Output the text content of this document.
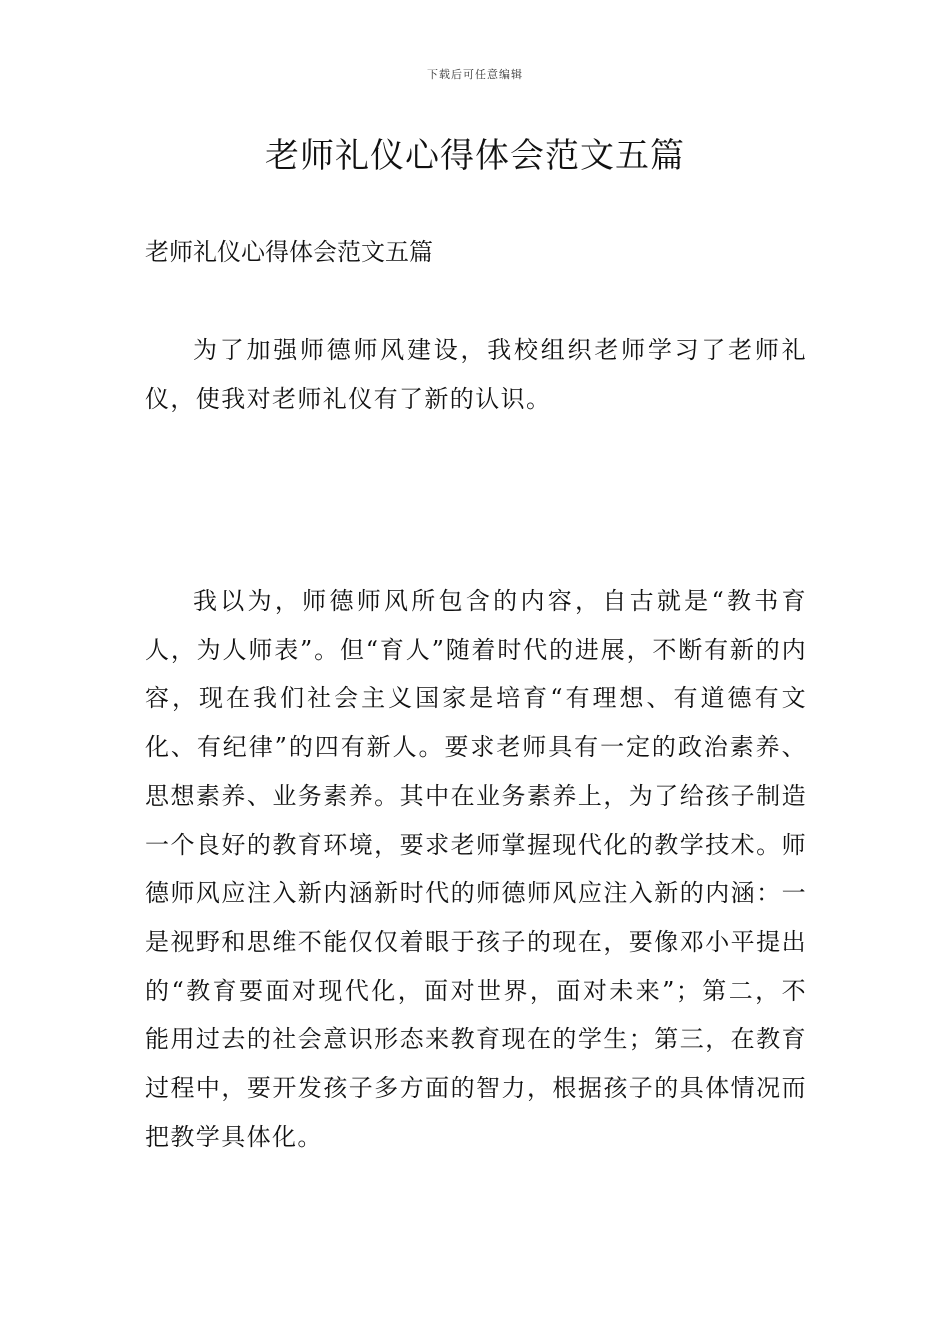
下载后可任意编辑
老师礼仪心得体会范文五篇

老师礼仪心得体会范文五篇

为了加强师德师风建设，我校组织老师学习了老师礼仪，使我对老师礼仪有了新的认识。

我以为，师德师风所包含的内容，自古就是“教书育人，为人师表”。但“育人”随着时代的进展，不断有新的内容，现在我们社会主义国家是培育“有理想、有道德有文化、有纪律”的四有新人。要求老师具有一定的政治素养、思想素养、业务素养。其中在业务素养上，为了给孩子制造一个良好的教育环境，要求老师掌握现代化的教学技术。师德师风应注入新内涵新时代的师德师风应注入新的内涵：一是视野和思维不能仅仅着眼于孩子的现在，要像邓小平提出的“教育要面对现代化，面对世界，面对未来”；第二，不能用过去的社会意识形态来教育现在的学生；第三，在教育过程中，要开发孩子多方面的智力，根据孩子的具体情况而把教学具体化。
